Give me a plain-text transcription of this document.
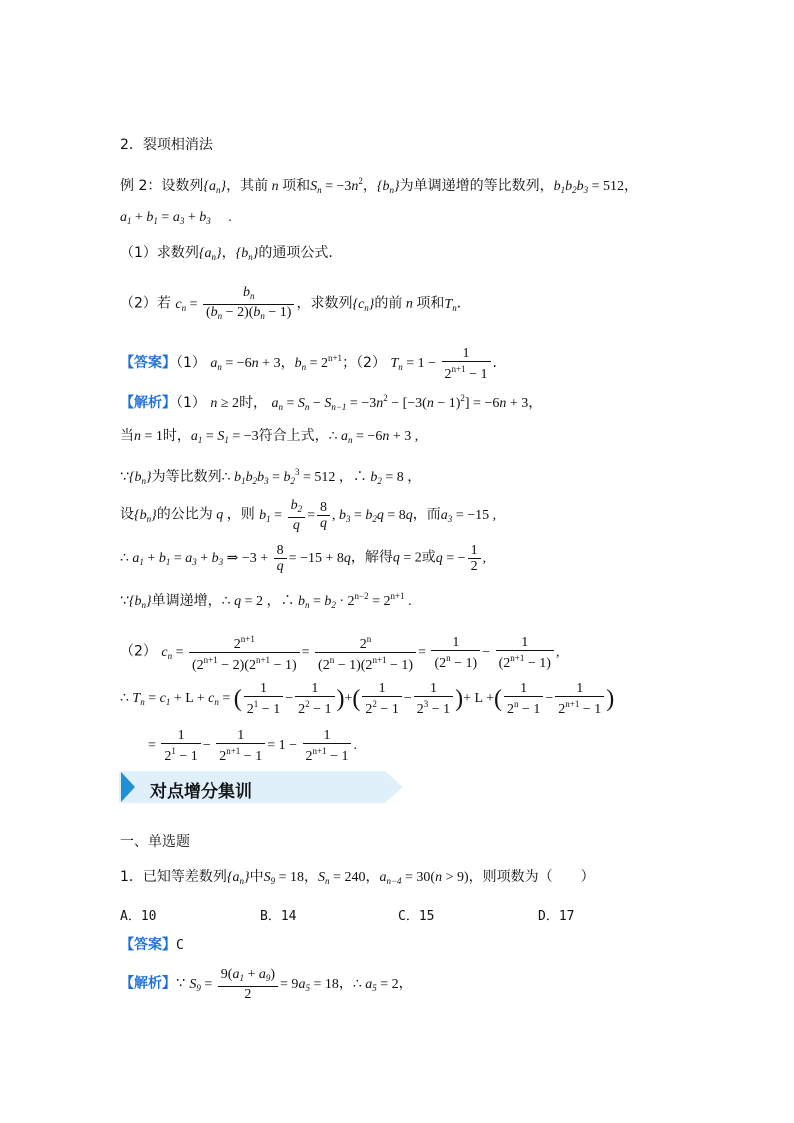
2．裂项相消法
例 2：设数列$\{a_n\}$，其前 n 项和$S_n = -3n^2$，$\{b_n\}$为单调递增的等比数列，$b_1b_2b_3 = 512$，
$a_1 + b_1 = a_3 + b_3$ 　.
（1）求数列$\{a_n\}$，$\{b_n\}$的通项公式.
（2）若 $c_n = \frac{b_n}{(b_n - 2)(b_n - 1)}$ ，求数列$\{c_n\}$的前 n 项和$T_n$．
【答案】（1） $a_n = -6n + 3$，$b_n = 2^{n+1}$；（2） $T_n = 1 - \frac{1}{2^{n+1} - 1}$ ．
【解析】（1） n ≥ 2时， $a_n = S_n - S_{n-1} = -3n^2 - [-3(n - 1)^2] = -6n + 3$，
当n = 1时，$a_1 = S_1 = -3$符合上式，∴ $a_n = -6n + 3$ ,
$\because\{b_n\}$为等比数列∴ $b_1b_2b_3 = b_2^3 = 512$ ，∴ $b_2 = 8$ ，
设$\{b_n\}$的公比为 q ，则 $b_1 = \frac{b_2}{q} = \frac{8}{q}$ , $b_3 = b_2q = 8q$，而$a_3 = -15$ ,
∴ $a_1 + b_1 = a_3 + b_3$ ⇒ $-3 + \frac{8}{q} = -15 + 8q$，解得q = 2或q = − $\frac{1}{2}$ ,
$\because\{b_n\}$单调递增，∴ q = 2 ，∴ $b_n = b_2 \cdot 2^{n-2} = 2^{n+1}$ .
（2） $c_n = \frac{2^{n+1}}{(2^{n+1} - 2)(2^{n+1} - 1)} = \frac{2^n}{(2^n - 1)(2^{n+1} - 1)} = \frac{1}{(2^n - 1)} - \frac{1}{(2^{n+1} - 1)}$ ,
∴ $T_n = c_1 + L + c_n$ = ( $\frac{1}{2^1 - 1} - \frac{1}{2^2 - 1}$ )+( $\frac{1}{2^2 - 1} - \frac{1}{2^3 - 1}$ )+ L +( $\frac{1}{2^n - 1} - \frac{1}{2^{n+1} - 1}$ )
= $\frac{1}{2^1 - 1} - \frac{1}{2^{n+1} - 1} = 1 - \frac{1}{2^{n+1} - 1}$ .
对点增分集训
一、单选题
1．已知等差数列$\{a_n\}$中$S_9 = 18$，$S_n = 240$，$a_{n-4} = 30(n > 9)$，则项数为（　　）
A．10	B．14	C．15	D．17
【答案】C
【解析】∵ $S_9 = \frac{9(a_1 + a_9)}{2} = 9a_5 = 18$，∴ $a_5 = 2$，
